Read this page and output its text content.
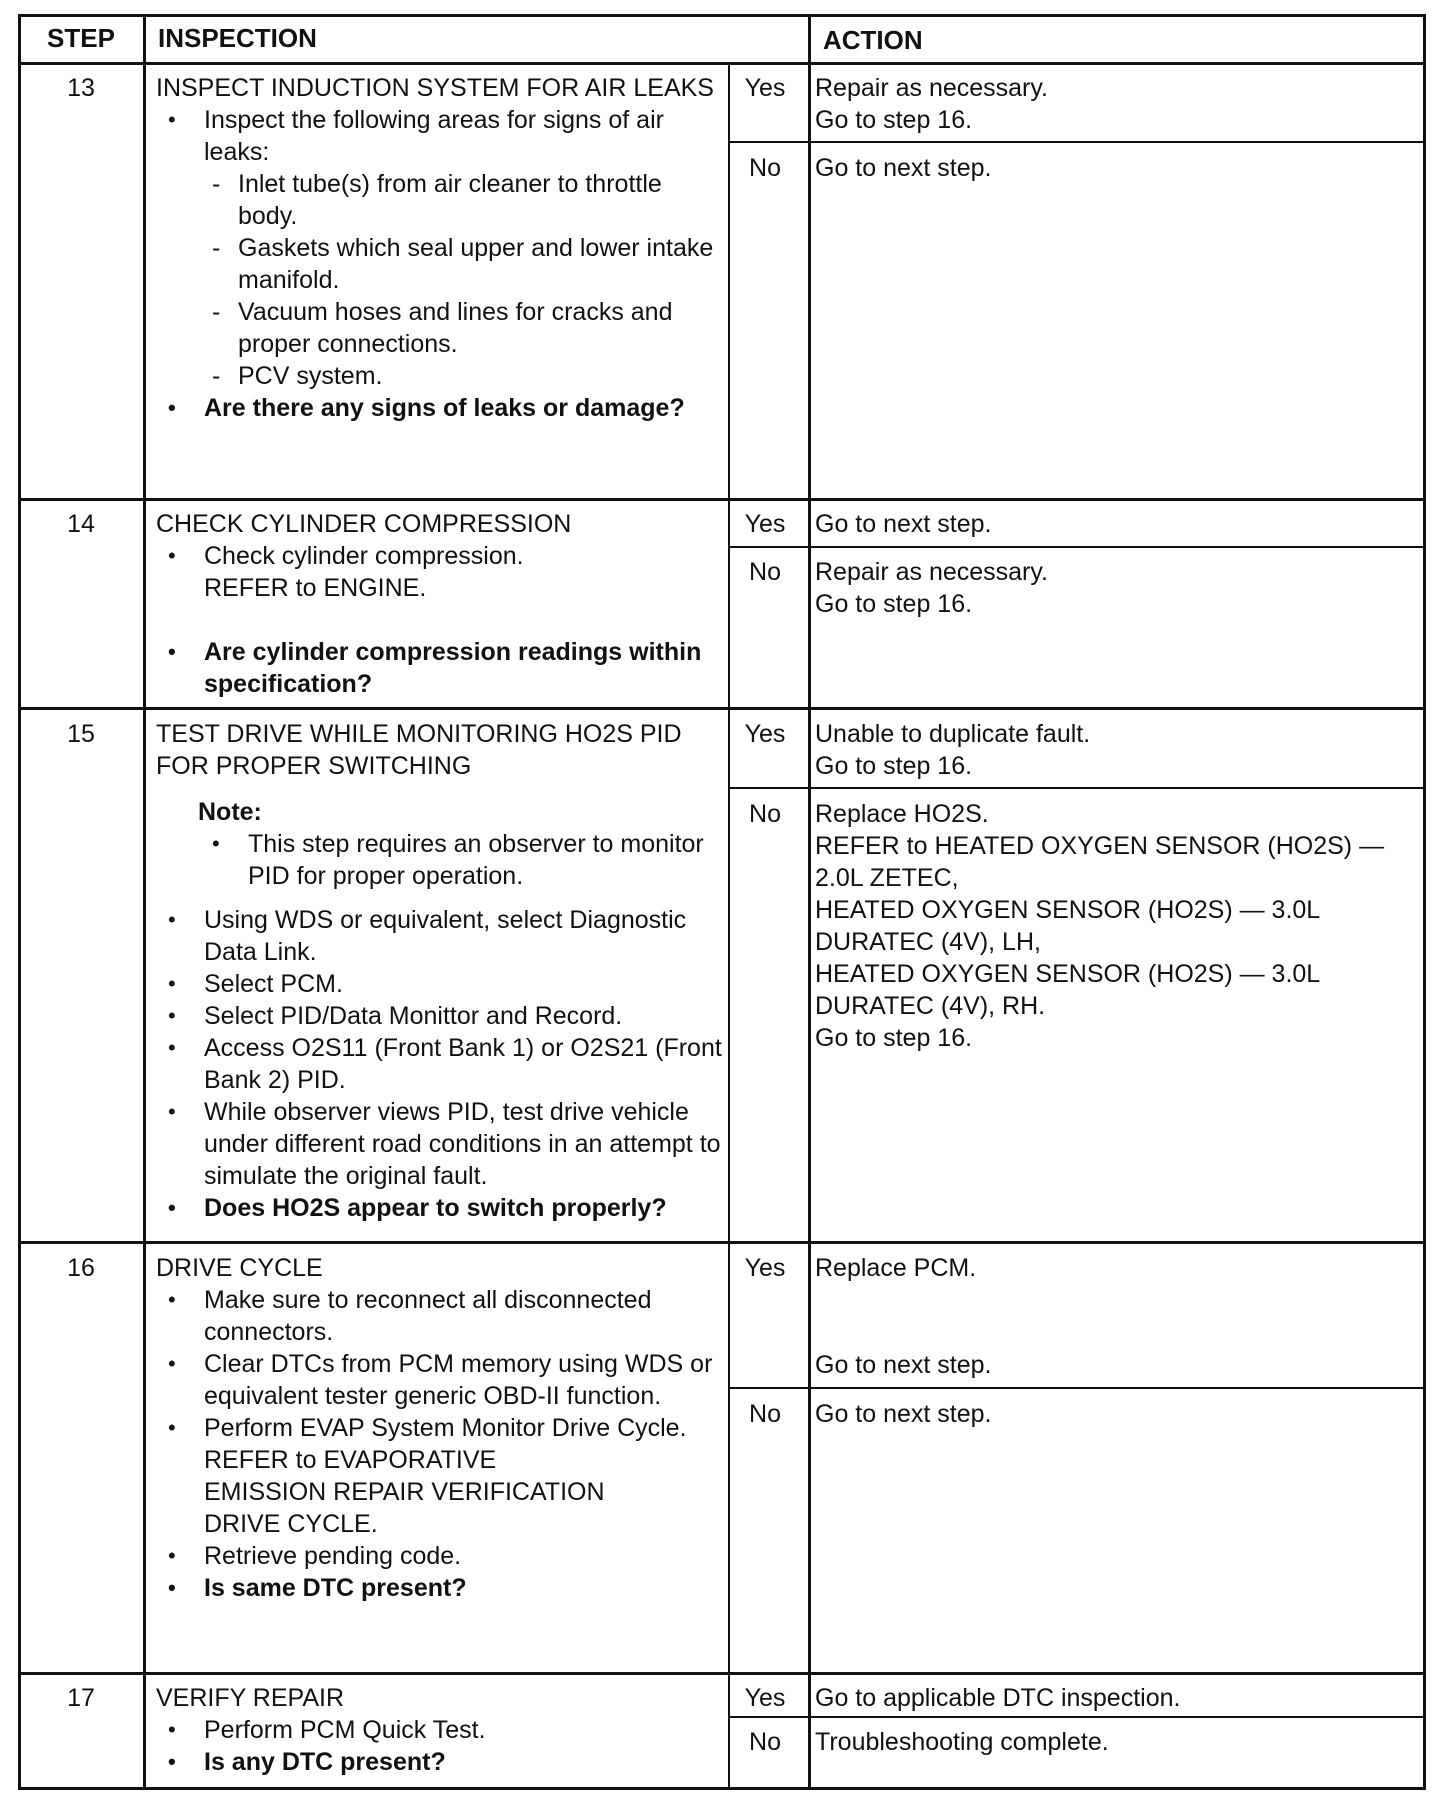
STEP	INSPECTION	ACTION
13	INSPECT INDUCTION SYSTEM FOR AIR LEAKS
• Inspect the following areas for signs of air leaks:
- Inlet tube(s) from air cleaner to throttle body.
- Gaskets which seal upper and lower intake manifold.
- Vacuum hoses and lines for cracks and proper connections.
- PCV system.
• Are there any signs of leaks or damage?
Yes	Repair as necessary.
Go to step 16.
No	Go to next step.
14	CHECK CYLINDER COMPRESSION
• Check cylinder compression.
REFER to ENGINE.
• Are cylinder compression readings within specification?
Yes	Go to next step.
No	Repair as necessary.
Go to step 16.
15	TEST DRIVE WHILE MONITORING HO2S PID FOR PROPER SWITCHING
Note:
• This step requires an observer to monitor PID for proper operation.
• Using WDS or equivalent, select Diagnostic Data Link.
• Select PCM.
• Select PID/Data Monittor and Record.
• Access O2S11 (Front Bank 1) or O2S21 (Front Bank 2) PID.
• While observer views PID, test drive vehicle under different road conditions in an attempt to simulate the original fault.
• Does HO2S appear to switch properly?
Yes	Unable to duplicate fault.
Go to step 16.
No	Replace HO2S.
REFER to HEATED OXYGEN SENSOR (HO2S) — 2.0L ZETEC,
HEATED OXYGEN SENSOR (HO2S) — 3.0L DURATEC (4V), LH,
HEATED OXYGEN SENSOR (HO2S) — 3.0L DURATEC (4V), RH.
Go to step 16.
16	DRIVE CYCLE
• Make sure to reconnect all disconnected connectors.
• Clear DTCs from PCM memory using WDS or equivalent tester generic OBD-II function.
• Perform EVAP System Monitor Drive Cycle.
REFER to EVAPORATIVE
EMISSION REPAIR VERIFICATION
DRIVE CYCLE.
• Retrieve pending code.
• Is same DTC present?
Yes	Replace PCM.
Go to next step.
No	Go to next step.
17	VERIFY REPAIR
• Perform PCM Quick Test.
• Is any DTC present?
Yes	Go to applicable DTC inspection.
No	Troubleshooting complete.
